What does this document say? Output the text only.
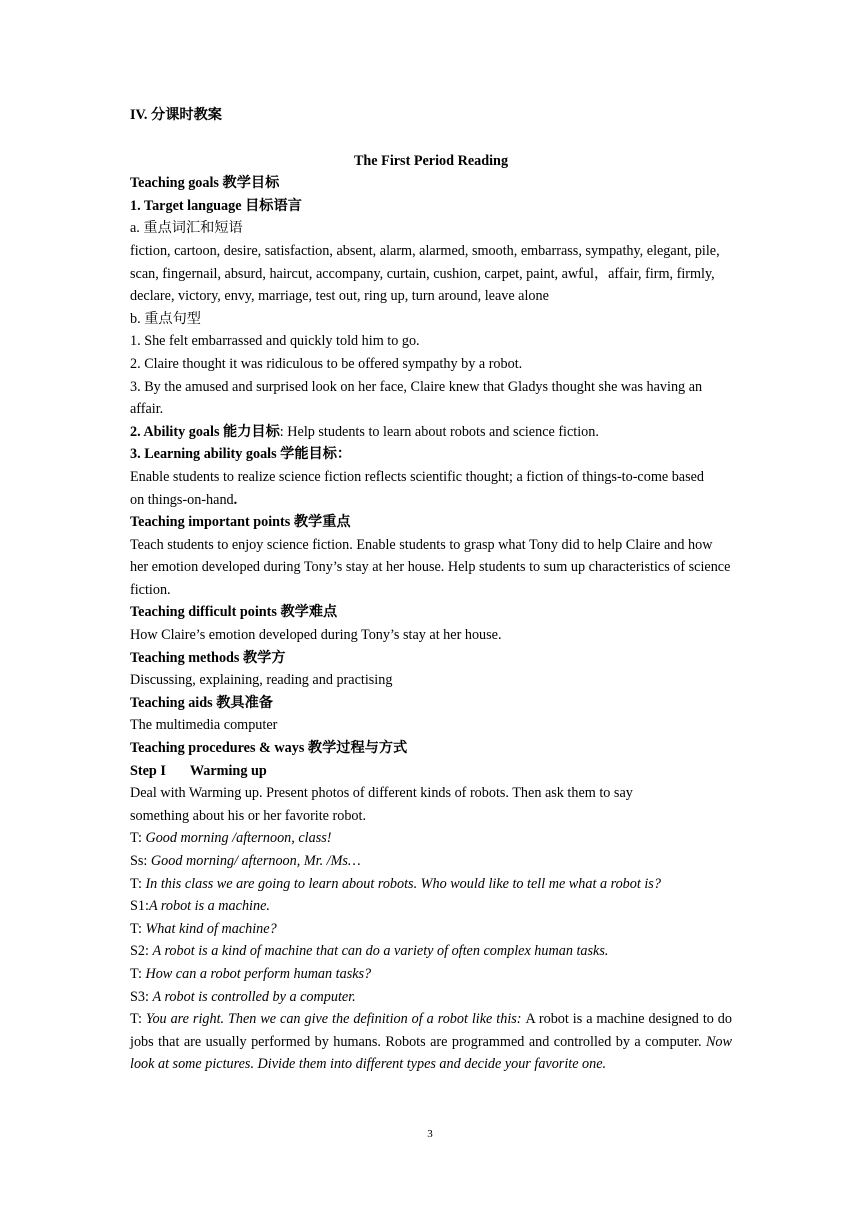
IV. 分课时教案

The First Period Reading

Teaching goals 教学目标

1. Target language 目标语言

a. 重点词汇和短语

fiction, cartoon, desire, satisfaction, absent, alarm, alarmed, smooth, embarrass, sympathy, elegant, pile, scan, fingernail, absurd, haircut, accompany, curtain, cushion, carpet, paint, awful，affair, firm, firmly, declare, victory, envy, marriage, test out, ring up, turn around, leave alone

b. 重点句型

1. She felt embarrassed and quickly told him to go.

2. Claire thought it was ridiculous to be offered sympathy by a robot.

3. By the amused and surprised look on her face, Claire knew that Gladys thought she was having an affair.

2. Ability goals 能力目标: Help students to learn about robots and science fiction.

3. Learning ability goals 学能目标：

Enable students to realize science fiction reflects scientific thought; a fiction of things-to-come based on things-on-hand.

Teaching important points 教学重点

Teach students to enjoy science fiction. Enable students to grasp what Tony did to help Claire and how her emotion developed during Tony’s stay at her house. Help students to sum up characteristics of science fiction.

Teaching difficult points 教学难点

How Claire’s emotion developed during Tony’s stay at her house.

Teaching methods 教学方

Discussing, explaining, reading and practising

Teaching aids 教具准备

The multimedia computer

Teaching procedures & ways 教学过程与方式

Step I Warming up

Deal with Warming up. Present photos of different kinds of robots. Then ask them to say something about his or her favorite robot.

T: Good morning /afternoon, class!

Ss: Good morning/ afternoon, Mr. /Ms…

T: In this class we are going to learn about robots. Who would like to tell me what a robot is?

S1:A robot is a machine.

T: What kind of machine?

S2: A robot is a kind of machine that can do a variety of often complex human tasks.

T: How can a robot perform human tasks?

S3: A robot is controlled by a computer.

T: You are right. Then we can give the definition of a robot like this: A robot is a machine designed to do jobs that are usually performed by humans. Robots are programmed and controlled by a computer. Now look at some pictures. Divide them into different types and decide your favorite one.

3
